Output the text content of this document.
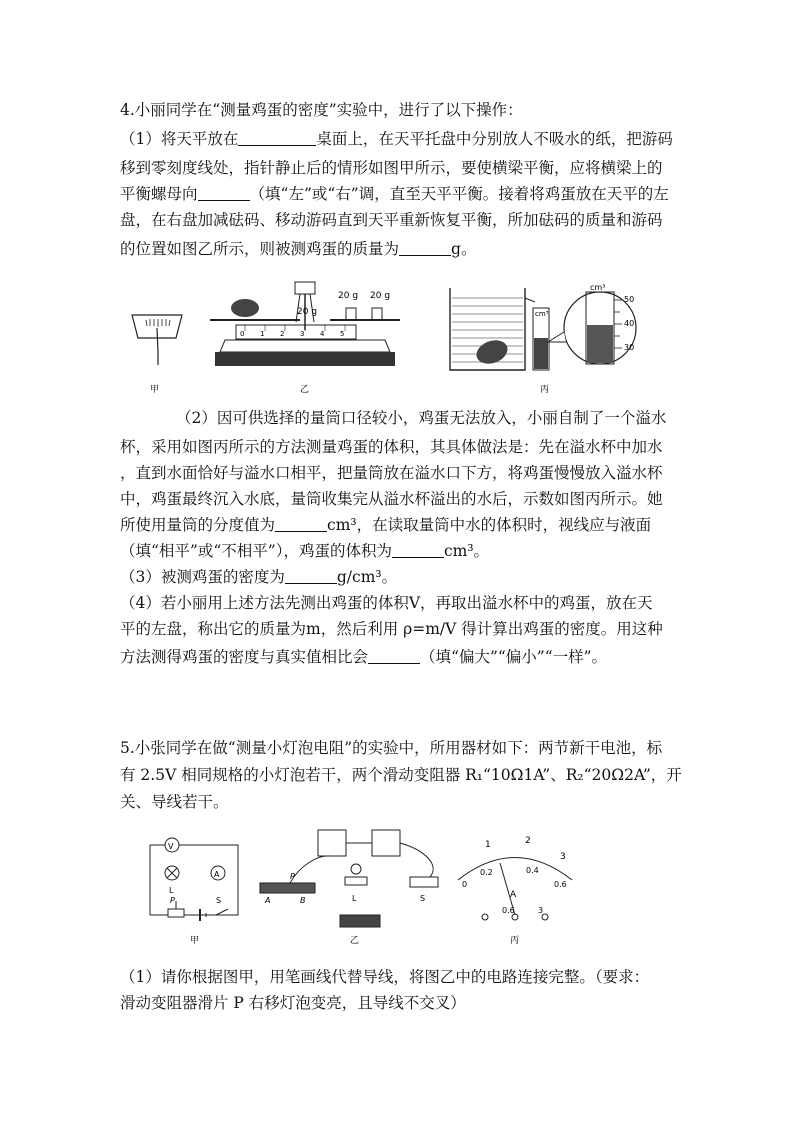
4.小丽同学在“测量鸡蛋的密度”实验中，进行了以下操作：
（1）将天平放在	桌面上，在天平托盘中分别放人不吸水的纸，把游码
移到零刻度线处，指针静止后的情形如图甲所示，要使横梁平衡，应将横梁上的
平衡螺母向	（填“左”或“右”调，直至天平平衡。接着将鸡蛋放在天平的左
盘，在右盘加减砝码、移动游码直到天平重新恢复平衡，所加砝码的质量和游码
的位置如图乙所示，则被测鸡蛋的质量为	g。
（2）因可供选择的量筒口径较小，鸡蛋无法放入，小丽自制了一个溢水
杯，采用如图丙所示的方法测量鸡蛋的体积，其具体做法是：先在溢水杯中加水
，直到水面恰好与溢水口相平，把量筒放在溢水口下方，将鸡蛋慢慢放入溢水杯
中，鸡蛋最终沉入水底，量筒收集完从溢水杯溢出的水后，示数如图丙所示。她
所使用量筒的分度值为	cm³，在读取量筒中水的体积时，视线应与液面
（填“相平”或“不相平”），鸡蛋的体积为	cm³。
（3）被测鸡蛋的密度为	g/cm³。
（4）若小丽用上述方法先测出鸡蛋的体积V，再取出溢水杯中的鸡蛋，放在天
平的左盘，称出它的质量为m，然后利用 ρ=m/V 得计算出鸡蛋的密度。用这种
方法测得鸡蛋的密度与真实值相比会	（填“偏大”“偏小”“一样”。
20 g
20 g 20 g
cm³
cm³
50
40
30
0 1 2 3 4 5
甲	乙	丙
5.小张同学在做“测量小灯泡电阻”的实验中，所用器材如下：两节新干电池，标
有 2.5V 相同规格的小灯泡若干，两个滑动变阻器 R₁“10Ω1A”、R₂“20Ω2A”，开
关、导线若干。
（1）请你根据图甲，用笔画线代替导线，将图乙中的电路连接完整。（要求：
滑动变阻器滑片 P 右移灯泡变亮，且导线不交叉）
V
A
L
P	S
P
A	B	L	S
1	2
3
0
0.2	0.4
0.6
A
0.6	3
甲	乙	丙
